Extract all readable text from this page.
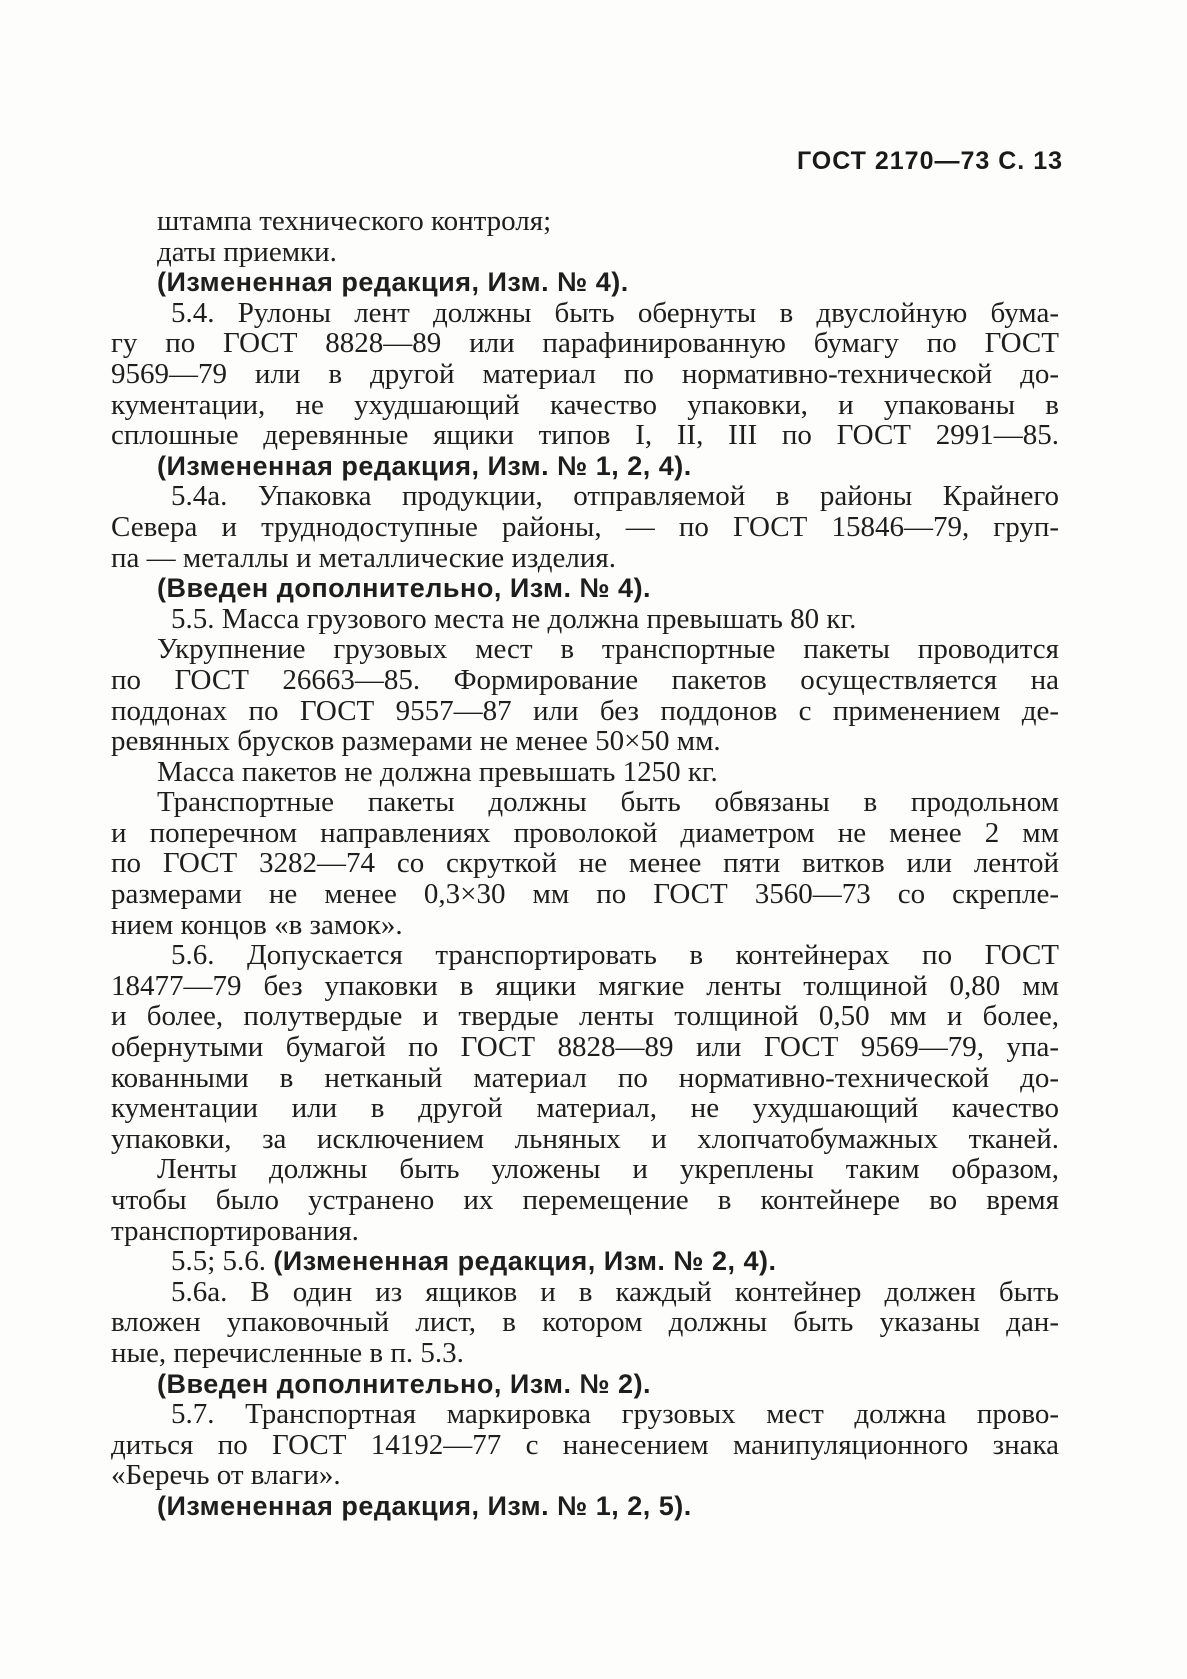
ГОСТ 2170—73 С. 13
штампа технического контроля;
даты приемки.
(Измененная редакция, Изм. № 4).
5.4. Рулоны лент должны быть обернуты в двуслойную бума-
гу по ГОСТ 8828—89 или парафинированную бумагу по ГОСТ
9569—79 или в другой материал по нормативно-технической до-
кументации, не ухудшающий качество упаковки, и упакованы в
сплошные деревянные ящики типов I, II, III по ГОСТ 2991—85.
(Измененная редакция, Изм. № 1, 2, 4).
5.4а. Упаковка продукции, отправляемой в районы Крайнего
Севера и труднодоступные районы, — по ГОСТ 15846—79, груп-
па — металлы и металлические изделия.
(Введен дополнительно, Изм. № 4).
5.5. Масса грузового места не должна превышать 80 кг.
Укрупнение грузовых мест в транспортные пакеты проводится
по ГОСТ 26663—85. Формирование пакетов осуществляется на
поддонах по ГОСТ 9557—87 или без поддонов с применением де-
ревянных брусков размерами не менее 50×50 мм.
Масса пакетов не должна превышать 1250 кг.
Транспортные пакеты должны быть обвязаны в продольном
и поперечном направлениях проволокой диаметром не менее 2 мм
по ГОСТ 3282—74 со скруткой не менее пяти витков или лентой
размерами не менее 0,3×30 мм по ГОСТ 3560—73 со скрепле-
нием концов «в замок».
5.6. Допускается транспортировать в контейнерах по ГОСТ
18477—79 без упаковки в ящики мягкие ленты толщиной 0,80 мм
и более, полутвердые и твердые ленты толщиной 0,50 мм и более,
обернутыми бумагой по ГОСТ 8828—89 или ГОСТ 9569—79, упа-
кованными в нетканый материал по нормативно-технической до-
кументации или в другой материал, не ухудшающий качество
упаковки, за исключением льняных и хлопчатобумажных тканей.
Ленты должны быть уложены и укреплены таким образом,
чтобы было устранено их перемещение в контейнере во время
транспортирования.
5.5; 5.6. (Измененная редакция, Изм. № 2, 4).
5.6а. В один из ящиков и в каждый контейнер должен быть
вложен упаковочный лист, в котором должны быть указаны дан-
ные, перечисленные в п. 5.3.
(Введен дополнительно, Изм. № 2).
5.7. Транспортная маркировка грузовых мест должна прово-
диться по ГОСТ 14192—77 с нанесением манипуляционного знака
«Беречь от влаги».
(Измененная редакция, Изм. № 1, 2, 5).
